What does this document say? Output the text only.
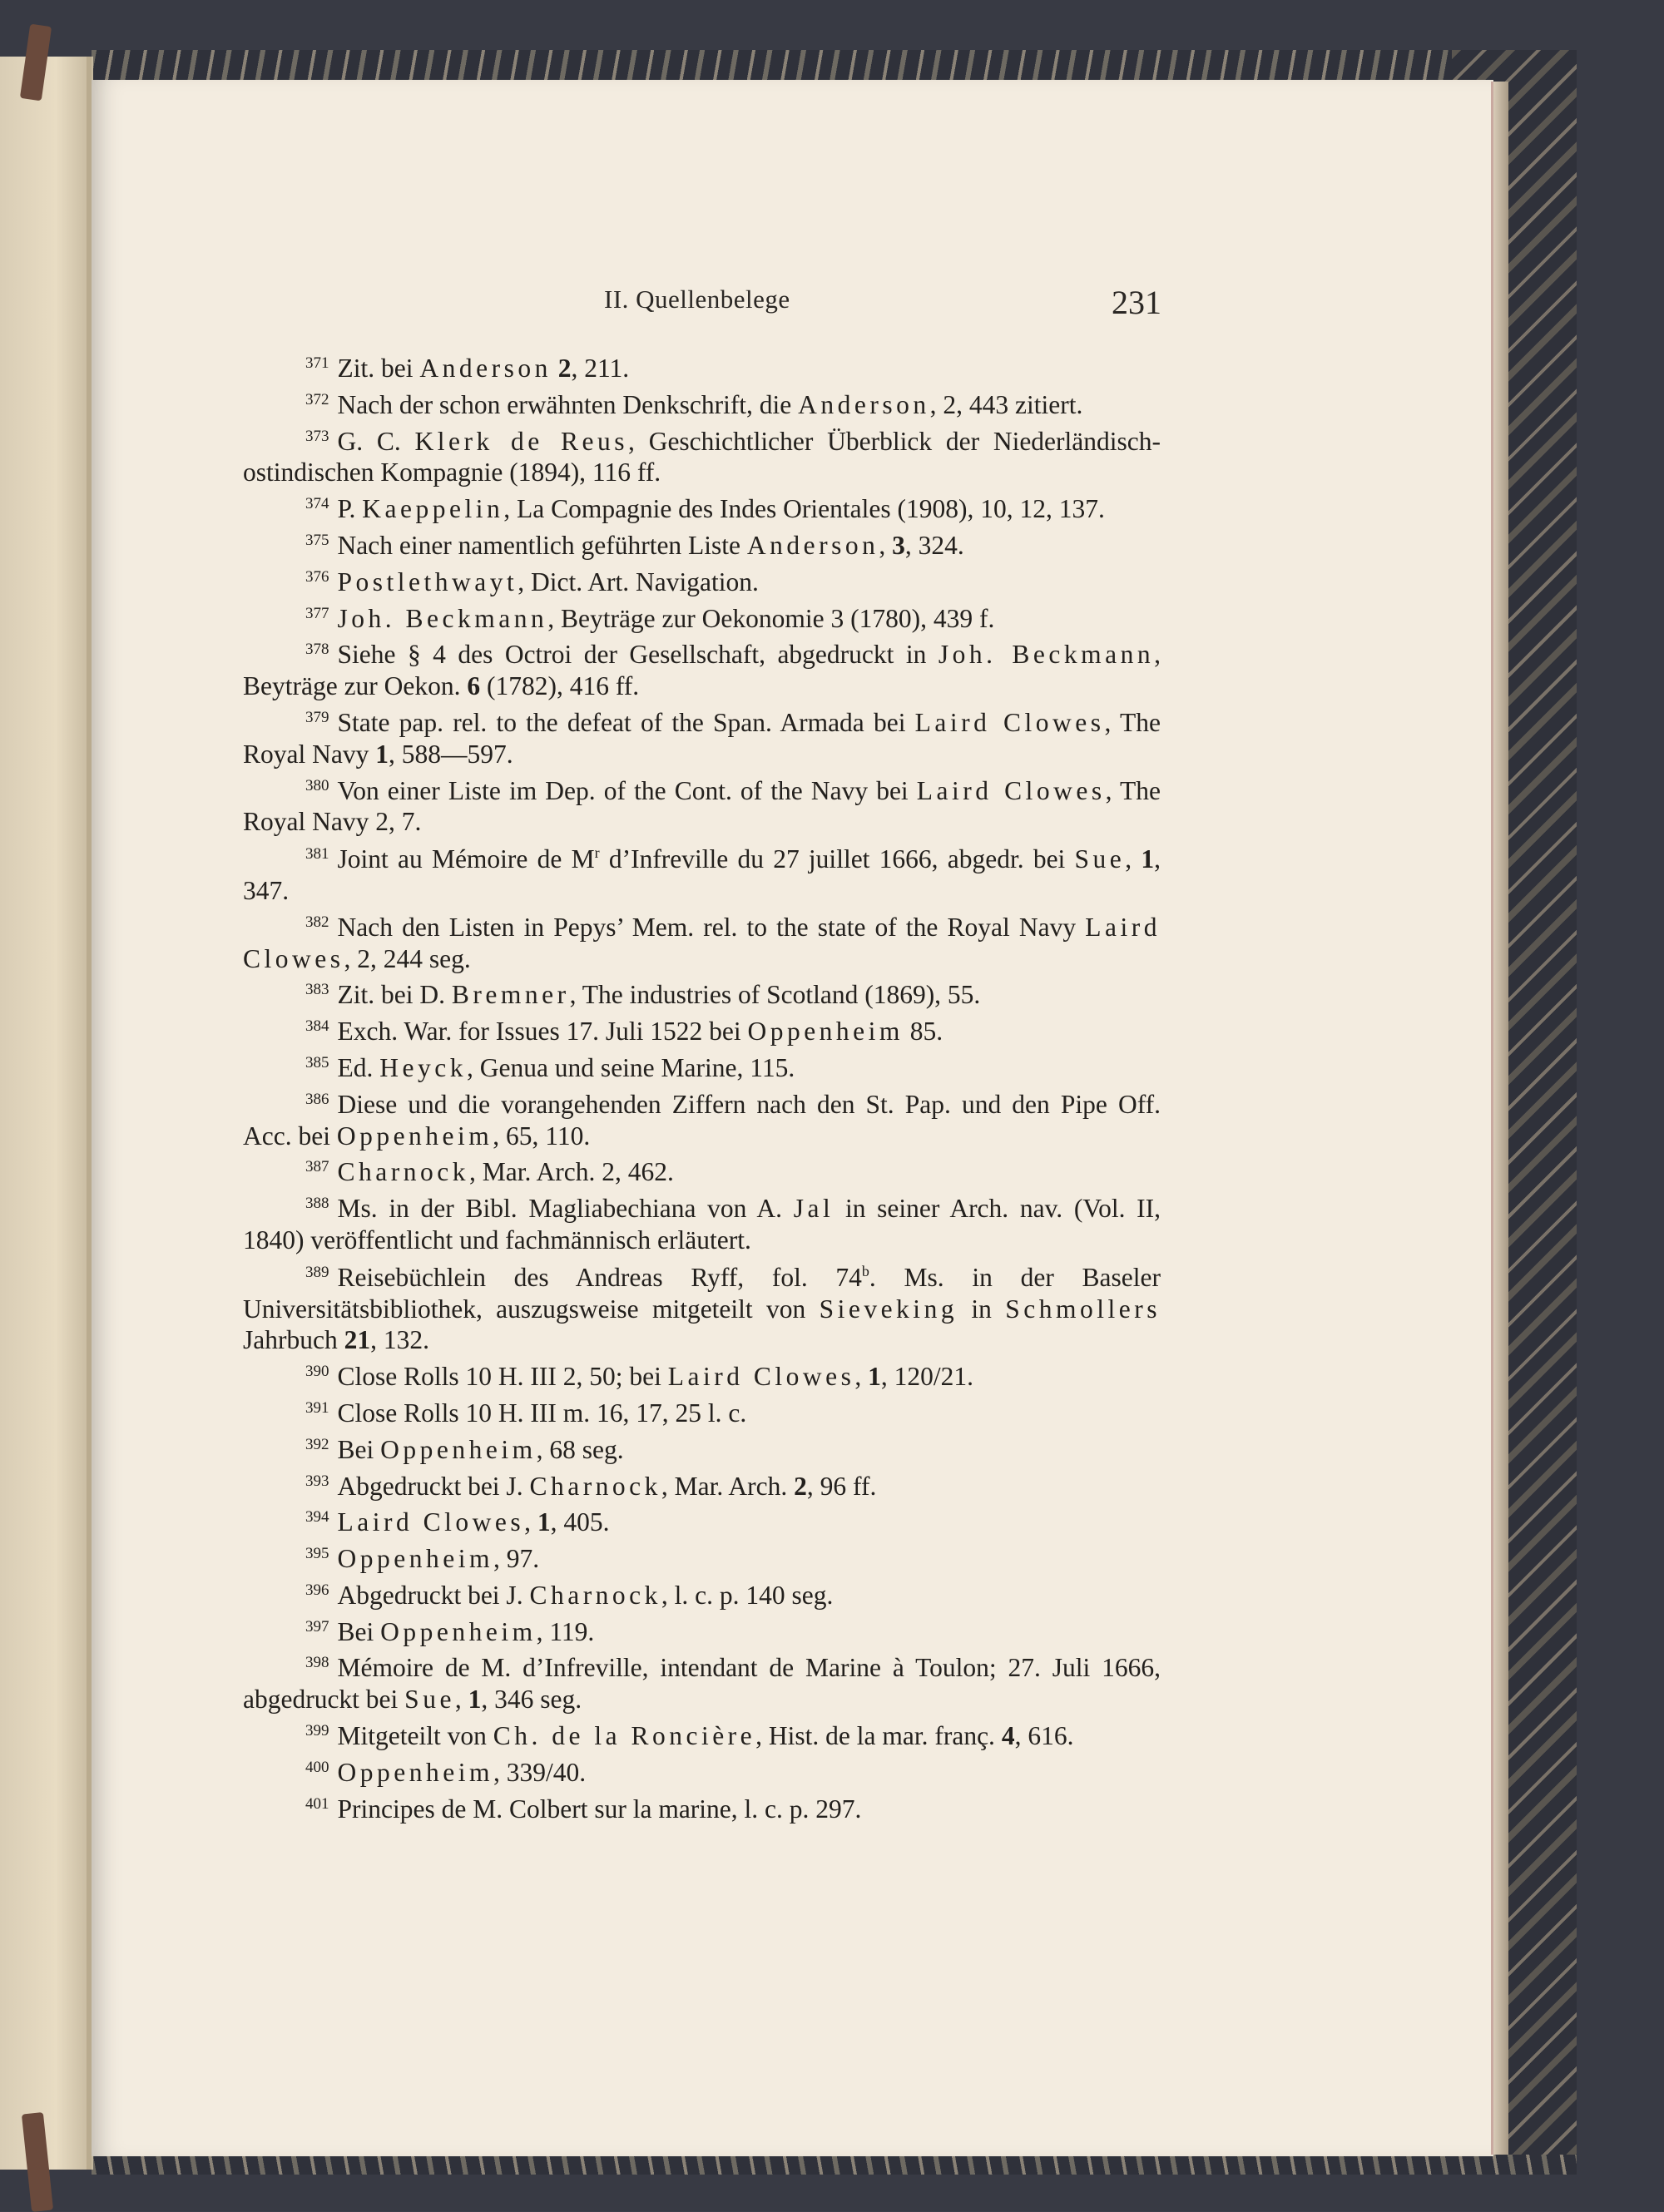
II. Quellenbelege	231
$^{371}$ Zit. bei Anderson 2, 211.
$^{372}$ Nach der schon erwähnten Denkschrift, die Anderson, 2, 443 zitiert.
$^{373}$ G. C. Klerk de Reus, Geschichtlicher Überblick der Niederländisch-ostindischen Kompagnie (1894), 116 ff.
$^{374}$ P. Kaeppelin, La Compagnie des Indes Orientales (1908), 10, 12, 137.
$^{375}$ Nach einer namentlich geführten Liste Anderson, 3, 324.
$^{376}$ Postlethwayt, Dict. Art. Navigation.
$^{377}$ Joh. Beckmann, Beyträge zur Oekonomie 3 (1780), 439 f.
$^{378}$ Siehe § 4 des Octroi der Gesellschaft, abgedruckt in Joh. Beckmann, Beyträge zur Oekon. 6 (1782), 416 ff.
$^{379}$ State pap. rel. to the defeat of the Span. Armada bei Laird Clowes, The Royal Navy 1, 588—597.
$^{380}$ Von einer Liste im Dep. of the Cont. of the Navy bei Laird Clowes, The Royal Navy 2, 7.
$^{381}$ Joint au Mémoire de $M^r$ d’Infreville du 27 juillet 1666, abgedr. bei Sue, 1, 347.
$^{382}$ Nach den Listen in Pepys’ Mem. rel. to the state of the Royal Navy Laird Clowes, 2, 244 seg.
$^{383}$ Zit. bei D. Bremner, The industries of Scotland (1869), 55.
$^{384}$ Exch. War. for Issues 17. Juli 1522 bei Oppenheim 85.
$^{385}$ Ed. Heyck, Genua und seine Marine, 115.
$^{386}$ Diese und die vorangehenden Ziffern nach den St. Pap. und den Pipe Off. Acc. bei Oppenheim, 65, 110.
$^{387}$ Charnock, Mar. Arch. 2, 462.
$^{388}$ Ms. in der Bibl. Magliabechiana von A. Jal in seiner Arch. nav. (Vol. II, 1840) veröffentlicht und fachmännisch erläutert.
$^{389}$ Reisebüchlein des Andreas Ryff, fol. 74$^b$. Ms. in der Baseler Universitätsbibliothek, auszugsweise mitgeteilt von Sieveking in Schmollers Jahrbuch 21, 132.
$^{390}$ Close Rolls 10 H. III 2, 50; bei Laird Clowes, 1, 120/21.
$^{391}$ Close Rolls 10 H. III m. 16, 17, 25 l. c.
$^{392}$ Bei Oppenheim, 68 seg.
$^{393}$ Abgedruckt bei J. Charnock, Mar. Arch. 2, 96 ff.
$^{394}$ Laird Clowes, 1, 405.
$^{395}$ Oppenheim, 97.
$^{396}$ Abgedruckt bei J. Charnock, l. c. p. 140 seg.
$^{397}$ Bei Oppenheim, 119.
$^{398}$ Mémoire de M. d’Infreville, intendant de Marine à Toulon; 27. Juli 1666, abgedruckt bei Sue, 1, 346 seg.
$^{399}$ Mitgeteilt von Ch. de la Roncière, Hist. de la mar. franç. 4, 616.
$^{400}$ Oppenheim, 339/40.
$^{401}$ Principes de M. Colbert sur la marine, l. c. p. 297.
